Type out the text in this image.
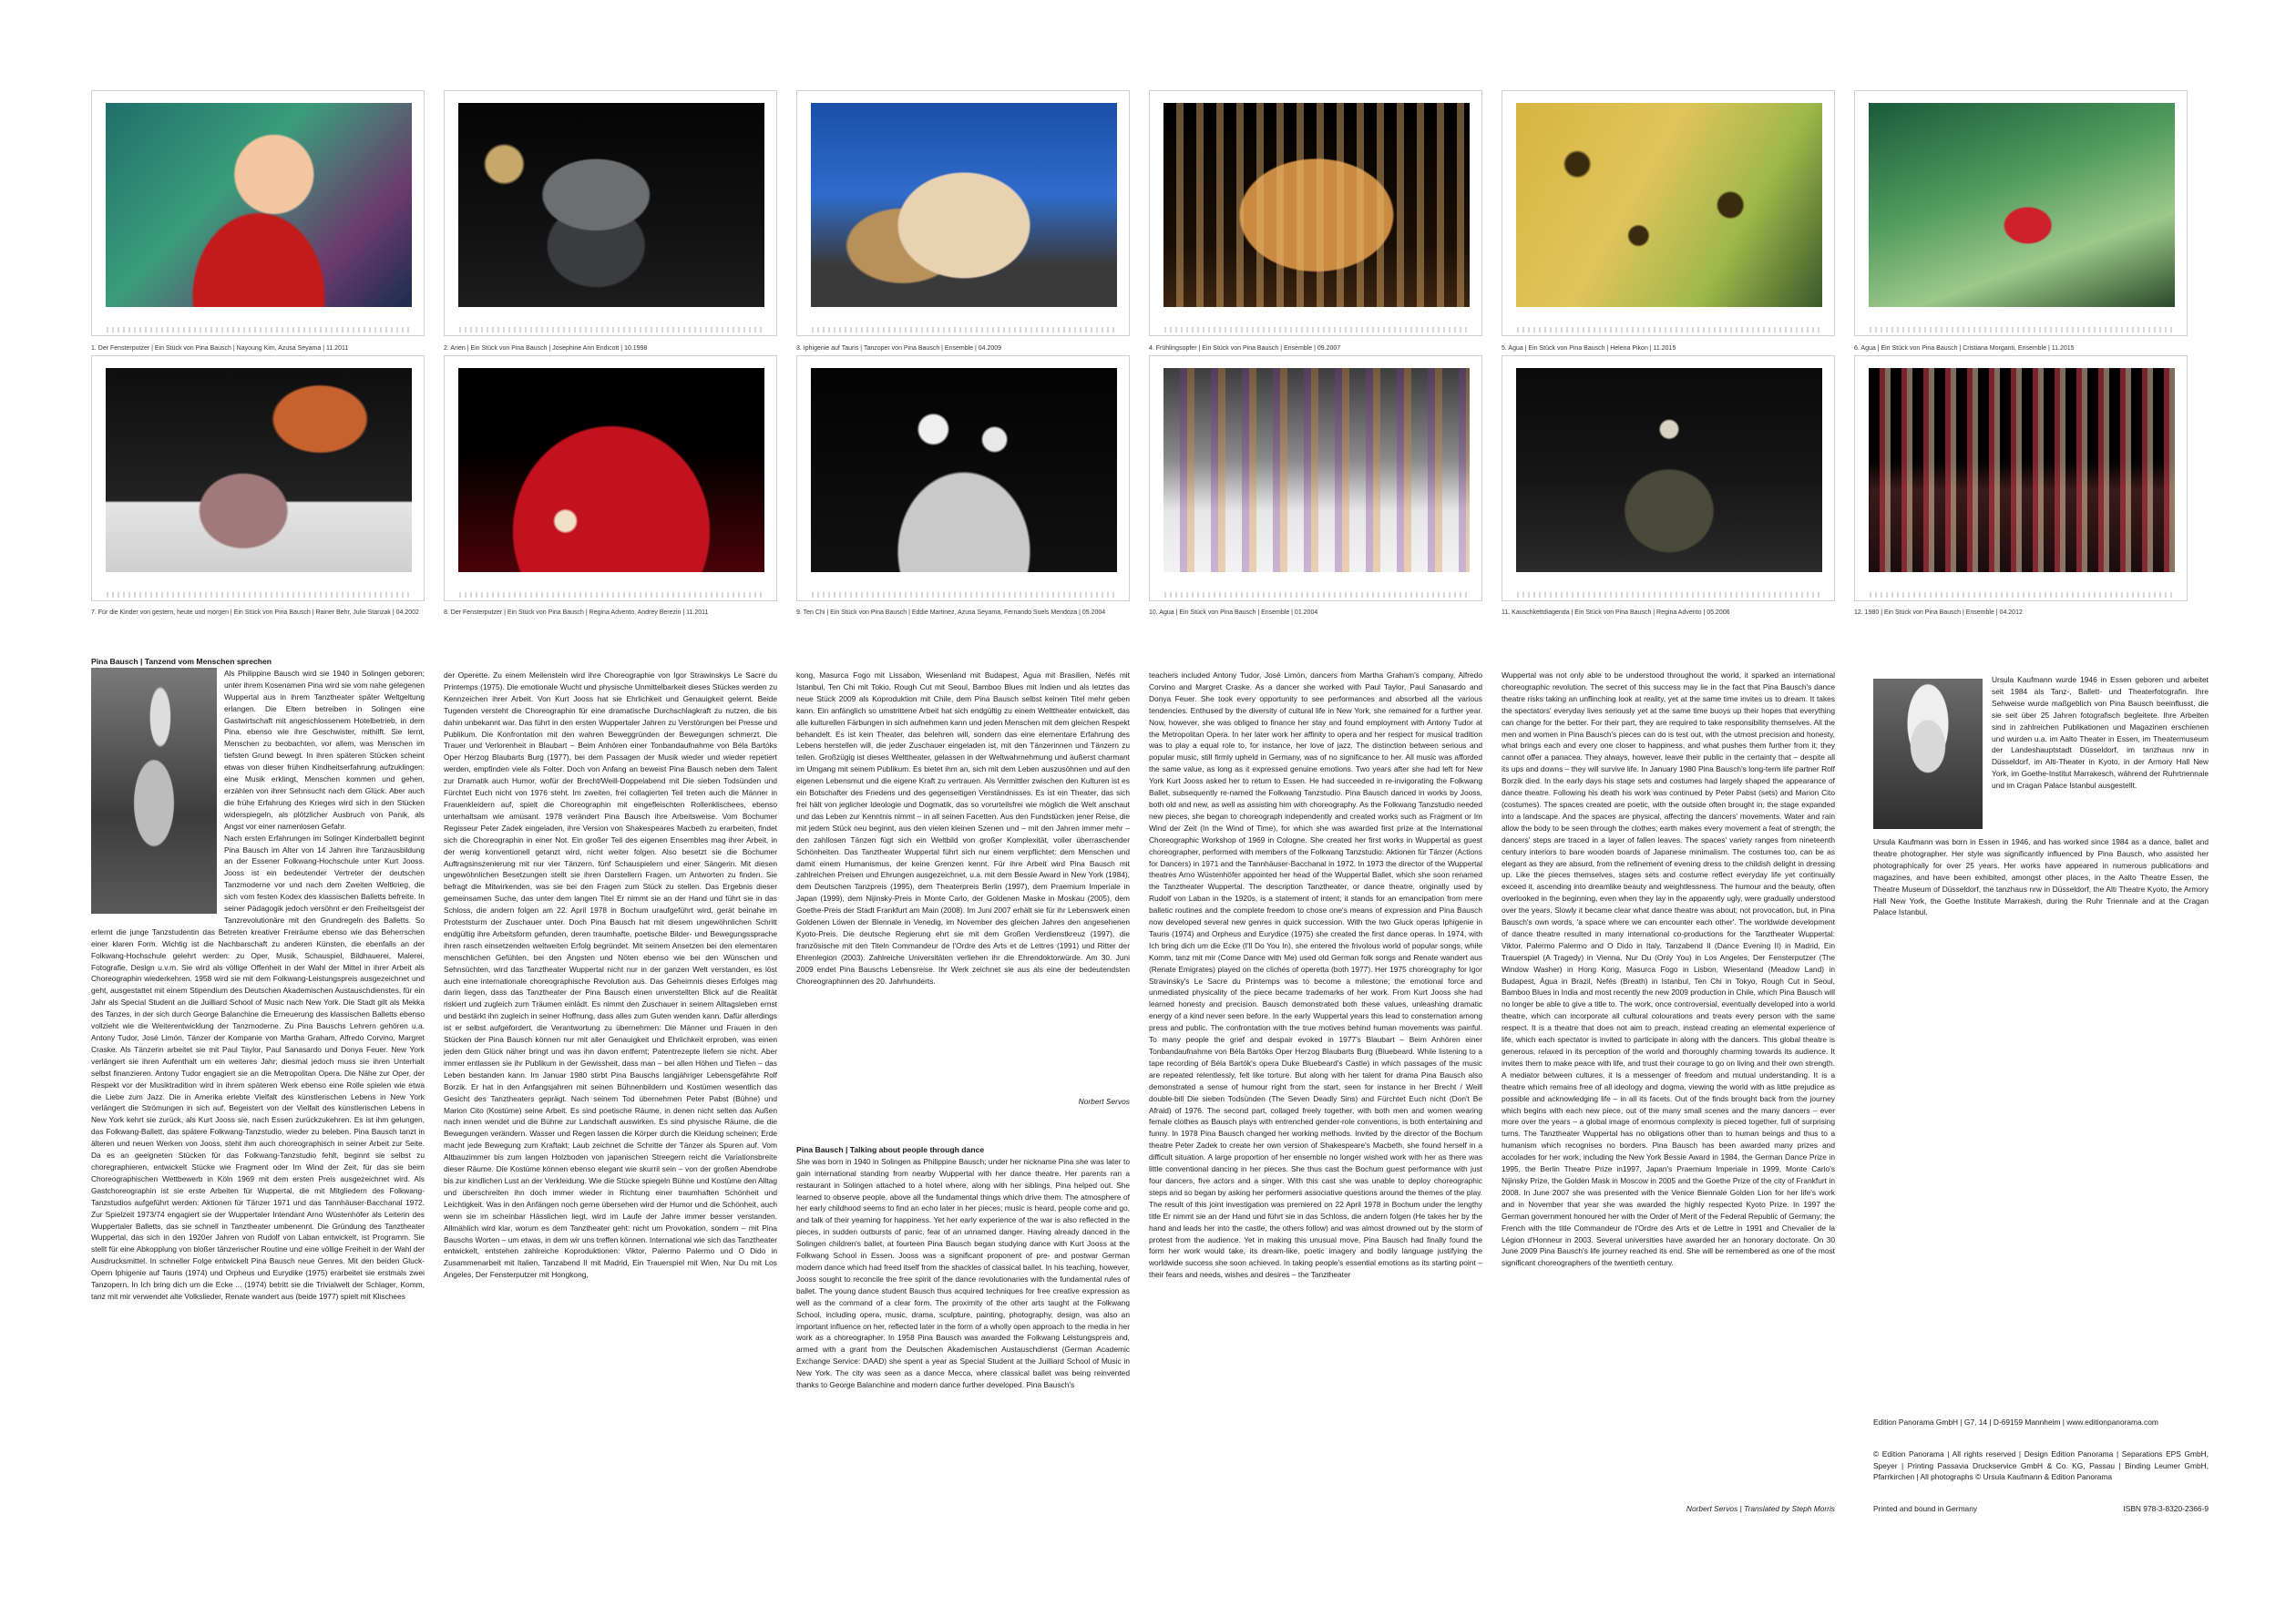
1. Der Fensterputzer | Ein Stück von Pina Bausch | Nayoung Kim, Azusa Seyama | 11.2011	2. Arien | Ein Stück von Pina Bausch | Josephine Ann Endicott | 10.1998	3. Iphigenie auf Tauris | Tanzoper von Pina Bausch | Ensemble | 04.2009	4. Frühlingsopfer | Ein Stück von Pina Bausch | Ensemble | 09.2007	5. Agua | Ein Stück von Pina Bausch | Helena Pikon | 11.2015	6. Agua | Ein Stück von Pina Bausch | Cristiana Morganti, Ensemble | 11.2015
7. Für die Kinder von gestern, heute und morgen | Ein Stück von Pina Bausch | Rainer Behr, Julie Stanzak | 04.2002	8. Der Fensterputzer | Ein Stück von Pina Bausch | Regina Advento, Andrey Berezin | 11.2011	9. Ten Chi | Ein Stück von Pina Bausch | Eddie Martinez, Azusa Seyama, Fernando Suels Mendoza | 05.2004	10. Agua | Ein Stück von Pina Bausch | Ensemble | 01.2004	11. Kauschkettdiagenda | Ein Stück von Pina Bausch | Regina Advento | 05.2006	12. 1980 | Ein Stück von Pina Bausch | Ensemble | 04.2012

Pina Bausch | Tanzend vom Menschen sprechen

Als Philippine Bausch wird sie 1940 in Solingen geboren; unter ihrem Kosenamen Pina wird sie vom nahe gelegenen Wuppertal aus in ihrem Tanztheater später Weltgeltung erlangen. Die Eltern betreiben in Solingen eine Gastwirtschaft mit angeschlossenem Hotelbetrieb, in dem Pina, ebenso wie ihre Geschwister, mithilft. Sie lernt, Menschen zu beobachten, vor allem, was Menschen im tiefsten Grund bewegt. In ihren späteren Stücken scheint etwas von dieser frühen Kindheitserfahrung aufzuklingen: eine Musik erklingt, Menschen kommen und gehen, erzählen von ihrer Sehnsucht nach dem Glück. Aber auch die frühe Erfahrung des Krieges wird sich in den Stücken widerspiegeln, als plötzlicher Ausbruch von Panik, als Angst vor einer namenlosen Gefahr.

Nach ersten Erfahrungen im Solinger Kinderballett beginnt Pina Bausch im Alter von 14 Jahren ihre Tanzausbildung an der Essener Folkwang-Hochschule unter Kurt Jooss. Jooss ist ein bedeutender Vertreter der deutschen Tanzmoderne vor und nach dem Zweiten Weltkrieg, die sich vom festen Kodex des klassischen Balletts befreite. In seiner Pädagogik jedoch versöhnt er den Freiheitsgeist der Tanzrevolutionäre mit den Grundregeln des Balletts. So erlernt die junge Tanzstudentin das Betreten kreativer Freiräume ebenso wie das Beherrschen einer klaren Form. Wichtig ist die Nachbarschaft zu anderen Künsten, die ebenfalls an der Folkwang-Hochschule gelehrt werden: zu Oper, Musik, Schauspiel, Bildhauerei, Malerei, Fotografie, Design u.v.m. Sie wird als völlige Offenheit in der Wahl der Mittel in ihrer Arbeit als Choreographin wiederkehren. 1958 wird sie mit dem Folkwang-Leistungspreis ausgezeichnet und geht, ausgestattet mit einem Stipendium des Deutschen Akademischen Austauschdienstes, für ein Jahr als Special Student an die Juilliard School of Music nach New York. Die Stadt gilt als Mekka des Tanzes, in der sich durch George Balanchine die Erneuerung des klassischen Balletts ebenso vollzieht wie die Weiterentwicklung der Tanzmoderne. Zu Pina Bauschs Lehrern gehören u.a. Antony Tudor, José Limón, Tänzer der Kompanie von Martha Graham, Alfredo Corvino, Margret Craske. Als Tänzerin arbeitet sie mit Paul Taylor, Paul Sanasardo und Donya Feuer. New York verlängert sie ihren Aufenthalt um ein weiteres Jahr; diesmal jedoch muss sie ihren Unterhalt selbst finanzieren. Antony Tudor engagiert sie an die Metropolitan Opera. Die Nähe zur Oper, der Respekt vor der Musiktradition wird in ihrem späteren Werk ebenso eine Rolle spielen wie etwa die Liebe zum Jazz. Die in Amerika erlebte Vielfalt des künstlerischen Lebens in New York verlängert die Strömungen in sich auf. Begeistert von der Vielfalt des künstlerischen Lebens in New York kehrt sie zurück, als Kurt Jooss sie, nach Essen zurückzukehren. Es ist ihm gelungen, das Folkwang-Ballett, das spätere Folkwang-Tanzstudio, wieder zu beleben. Pina Bausch tanzt in älteren und neuen Werken von Jooss, steht ihm auch choreographisch in seiner Arbeit zur Seite. Da es an geeigneten Stücken für das Folkwang-Tanzstudio fehlt, beginnt sie selbst zu choregraphieren, entwickelt Stücke wie Fragment oder Im Wind der Zeit, für das sie beim Choreographischen Wettbewerb in Köln 1969 mit dem ersten Preis ausgezeichnet wird. Als Gastchoreographin ist sie erste Arbeiten für Wuppertal, die mit Mitgliedern des Folkwang-Tanzstudios aufgeführt werden: Aktionen für Tänzer 1971 und das Tannhäuser-Bacchanal 1972. Zur Spielzeit 1973/74 engagiert sie der Wuppertaler Intendant Arno Wüstenhöfer als Leiterin des Wuppertaler Balletts, das sie schnell in Tanztheater umbenennt. Die Gründung des Tanztheater Wuppertal, das sich in den 1920er Jahren von Rudolf von Laban entwickelt, ist Programm. Sie stellt für eine Abkopplung von bloßer tänzerischer Routine und eine völlige Freiheit in der Wahl der Ausdrucksmittel. In schneller Folge entwickelt Pina Bausch neue Genres. Mit den beiden Gluck-Opern Iphigenie auf Tauris (1974) und Orpheus und Eurydike (1975) erarbeitet sie erstmals zwei Tanzopern. In Ich bring dich um die Ecke ... (1974) betritt sie die Trivialwelt der Schlager, Komm, tanz mit mir verwendet alte Volkslieder, Renate wandert aus (beide 1977) spielt mit Klischees

der Operette. Zu einem Meilenstein wird ihre Choreographie von Igor Strawinskys Le Sacre du Printemps (1975). Die emotionale Wucht und physische Unmittelbarkeit dieses Stückes werden zu Kennzeichen ihrer Arbeit. Von Kurt Jooss hat sie Ehrlichkeit und Genauigkeit gelernt. Beide Tugenden versteht die Choreographin für eine dramatische Durchschlagkraft zu nutzen, die bis dahin unbekannt war. Das führt in den ersten Wuppertaler Jahren zu Verstörungen bei Presse und Publikum. Die Konfrontation mit den wahren Beweggründen der Bewegungen schmerzt. Die Trauer und Verlorenheit in Blaubart – Beim Anhören einer Tonbandaufnahme von Béla Bartóks Oper Herzog Blaubarts Burg (1977), bei dem Passagen der Musik wieder und wieder repetiert werden, empfinden viele als Folter. Doch von Anfang an beweist Pina Bausch neben dem Talent zur Dramatik auch Humor, wofür der Brecht/Weill-Doppelabend mit Die sieben Todsünden und Fürchtet Euch nicht von 1976 steht. Im zweiten, frei collagierten Teil treten auch die Männer in Frauenkleidern auf, spielt die Choreographin mit eingefleischten Rollenklischees, ebenso unterhaltsam wie amüsant. 1978 verändert Pina Bausch ihre Arbeitsweise. Vom Bochumer Regisseur Peter Zadek eingeladen, ihre Version von Shakespeares Macbeth zu erarbeiten, findet sich die Choreographin in einer Not. Ein großer Teil des eigenen Ensembles mag ihrer Arbeit, in der wenig konventionell getanzt wird, nicht weiter folgen. Also besetzt sie die Bochumer Auftragsinszenierung mit nur vier Tänzern, fünf Schauspielern und einer Sängerin. Mit diesen ungewöhnlichen Besetzungen stellt sie ihren Darstellern Fragen, um Antworten zu finden. Sie befragt die Mitwirkenden, was sie bei den Fragen zum Stück zu stellen. Das Ergebnis dieser gemeinsamen Suche, das unter dem langen Titel Er nimmt sie an der Hand und führt sie in das Schloss, die andern folgen am 22. April 1978 in Bochum uraufgeführt wird, gerät beinahe im Proteststurm der Zuschauer unter. Doch Pina Bausch hat mit diesem ungewöhnlichen Schritt endgültig ihre Arbeitsform gefunden, deren traumhafte, poetische Bilder- und Bewegungssprache ihren rasch einsetzenden weltweiten Erfolg begründet. Mit seinem Ansetzen bei den elementaren menschlichen Gefühlen, bei den Ängsten und Nöten ebenso wie bei den Wünschen und Sehnsüchten, wird das Tanztheater Wuppertal nicht nur in der ganzen Welt verstanden, es löst auch eine internationale choreographische Revolution aus. Das Geheimnis dieses Erfolges mag darin liegen, dass das Tanztheater der Pina Bausch einen unverstellten Blick auf die Realität riskiert und zugleich zum Träumen einlädt. Es nimmt den Zuschauer in seinem Alltagsleben ernst und bestärkt ihn zugleich in seiner Hoffnung, dass alles zum Guten wenden kann. Dafür allerdings ist er selbst aufgefordert, die Verantwortung zu übernehmen: Die Männer und Frauen in den Stücken der Pina Bausch können nur mit aller Genauigkeit und Ehrlichkeit erproben, was einen jeden dem Glück näher bringt und was ihn davon entfernt; Patentrezepte liefern sie nicht. Aber immer entlassen sie ihr Publikum in der Gewissheit, dass man – bei allen Höhen und Tiefen – das Leben bestanden kann. Im Januar 1980 stirbt Pina Bauschs langjähriger Lebensgefährte Rolf Borzik. Er hat in den Anfangsjahren mit seinen Bühnenbildern und Kostümen wesentlich das Gesicht des Tanztheaters geprägt. Nach seinem Tod übernehmen Peter Pabst (Bühne) und Marion Cito (Kostüme) seine Arbeit. Es sind poetische Räume, in denen nicht selten das Außen nach innen wendet und die Bühne zur Landschaft auswirken. Es sind physische Räume, die die Bewegungen verändern. Wasser und Regen lassen die Körper durch die Kleidung scheinen; Erde macht jede Bewegung zum Kraftakt; Laub zeichnet die Schritte der Tänzer als Spuren auf. Vom Altbauzimmer bis zum langen Holzboden von japanischen Streegern reicht die Variationsbreite dieser Räume. Die Kostüme können ebenso elegant wie skurril sein – von der großen Abendrobe bis zur kindlichen Lust an der Verkleidung. Wie die Stücke spiegeln Bühne und Kostüme den Alltag und überschreiten ihn doch immer wieder in Richtung einer traumhaften Schönheit und Leichtigkeit. Was in den Anfängen noch gerne übersehen wird der Humor und die Schönheit, auch wenn sie im scheinbar Hässlichen liegt, wird im Laufe der Jahre immer besser verstanden. Allmählich wird klar, worum es dem Tanztheater geht: nicht um Provokation, sondern – mit Pina Bauschs Worten – um etwas, in dem wir uns treffen können. International wie sich das Tanztheater entwickelt, entstehen zahlreiche Koproduktionen: Viktor, Palermo Palermo und O Dido in Zusammenarbeit mit Italien, Tanzabend II mit Madrid, Ein Trauerspiel mit Wien, Nur Du mit Los Angeles, Der Fensterputzer mit Hongkong,

kong, Masurca Fogo mit Lissabon, Wiesenland mit Budapest, Agua mit Brasilien, Nefés mit Istanbul, Ten Chi mit Tokio, Rough Cut mit Seoul, Bamboo Blues mit Indien und als letztes das neue Stück 2009 als Koproduktion mit Chile, dem Pina Bausch selbst keinen Titel mehr geben kann. Ein anfänglich so umstrittene Arbeit hat sich endgültig zu einem Welttheater entwickelt, das alle kulturellen Färbungen in sich aufnehmen kann und jeden Menschen mit dem gleichen Respekt behandelt. Es ist kein Theater, das belehren will, sondern das eine elementare Erfahrung des Lebens herstellen will, die jeder Zuschauer eingeladen ist, mit den Tänzerinnen und Tänzern zu teilen. Großzügig ist dieses Welttheater, gelassen in der Weltwahrnehmung und äußerst charmant im Umgang mit seinem Publikum. Es bietet ihm an, sich mit dem Leben auszusöhnen und auf den eigenen Lebensmut und die eigene Kraft zu vertrauen. Als Vermittler zwischen den Kulturen ist es ein Botschafter des Friedens und des gegenseitigen Verständnisses. Es ist ein Theater, das sich frei hält von jeglicher Ideologie und Dogmatik, das so vorurteilsfrei wie möglich die Welt anschaut und das Leben zur Kenntnis nimmt – in all seinen Facetten. Aus den Fundstücken jener Reise, die mit jedem Stück neu beginnt, aus den vielen kleinen Szenen und – mit den Jahren immer mehr – den zahllosen Tänzen fügt sich ein Weltbild von großer Komplexität, voller überraschender Schönheiten. Das Tanztheater Wuppertal führt sich nur einem verpflichtet: dem Menschen und damit einem Humanismus, der keine Grenzen kennt. Für ihre Arbeit wird Pina Bausch mit zahlreichen Preisen und Ehrungen ausgezeichnet, u.a. mit dem Bessie Award in New York (1984), dem Deutschen Tanzpreis (1995), dem Theaterpreis Berlin (1997), dem Praemium Imperiale in Japan (1999), dem Nijinsky-Preis in Monte Carlo, der Goldenen Maske in Moskau (2005), dem Goethe-Preis der Stadt Frankfurt am Main (2008). Im Juni 2007 erhält sie für ihr Lebenswerk einen Goldenen Löwen der Biennale in Venedig, im November des gleichen Jahres den angesehenen Kyoto-Preis. Die deutsche Regierung ehrt sie mit dem Großen Verdienstkreuz (1997), die französische mit den Titeln Commandeur de l'Ordre des Arts et de Lettres (1991) und Ritter der Ehrenlegion (2003). Zahlreiche Universitäten verliehen ihr die Ehrendoktorwürde. Am 30. Juni 2009 endet Pina Bauschs Lebensreise. Ihr Werk zeichnet sie aus als eine der bedeutendsten Choreographinnen des 20. Jahrhunderts.

Norbert Servos

Pina Bausch | Talking about people through dance

She was born in 1940 in Solingen as Philippine Bausch; under her nickname Pina she was later to gain international standing from nearby Wuppertal with her dance theatre. Her parents ran a restaurant in Solingen attached to a hotel where, along with her siblings, Pina helped out. She learned to observe people, above all the fundamental things which drive them. The atmosphere of her early childhood seems to find an echo later in her pieces; music is heard, people come and go, and talk of their yearning for happiness. Yet her early experience of the war is also reflected in the pieces, in sudden outbursts of panic, fear of an unnamed danger. Having already danced in the Solingen children's ballet, at fourteen Pina Bausch began studying dance with Kurt Jooss at the Folkwang School in Essen. Jooss was a significant proponent of pre- and postwar German modern dance which had freed itself from the shackles of classical ballet. In his teaching, however, Jooss sought to reconcile the free spirit of the dance revolutionaries with the fundamental rules of ballet. The young dance student Bausch thus acquired techniques for free creative expression as well as the command of a clear form. The proximity of the other arts taught at the Folkwang School, including opera, music, drama, sculpture, painting, photography, design, was also an important influence on her, reflected later in the form of a wholly open approach to the media in her work as a choreographer. In 1958 Pina Bausch was awarded the Folkwang Leistungspreis and, armed with a grant from the Deutschen Akademischen Austauschdienst (German Academic Exchange Service: DAAD) she spent a year as Special Student at the Juilliard School of Music in New York. The city was seen as a dance Mecca, where classical ballet was being reinvented thanks to George Balanchine and modern dance further developed. Pina Bausch's

teachers included Antony Tudor, José Limón, dancers from Martha Graham's company, Alfredo Corvino and Margret Craske. As a dancer she worked with Paul Taylor, Paul Sanasardo and Donya Feuer. She took every opportunity to see performances and absorbed all the various tendencies. Enthused by the diversity of cultural life in New York, she remained for a further year. Now, however, she was obliged to finance her stay and found employment with Antony Tudor at the Metropolitan Opera. In her later work her affinity to opera and her respect for musical tradition was to play a equal role to, for instance, her love of jazz. The distinction between serious and popular music, still firmly upheld in Germany, was of no significance to her. All music was afforded the same value, as long as it expressed genuine emotions. Two years after she had left for New York Kurt Jooss asked her to return to Essen. He had succeeded in re-invigorating the Folkwang Ballet, subsequently re-named the Folkwang Tanzstudio. Pina Bausch danced in works by Jooss, both old and new, as well as assisting him with choreography. As the Folkwang Tanzstudio needed new pieces, she began to choreograph independently and created works such as Fragment or Im Wind der Zeit (In the Wind of Time), for which she was awarded first prize at the International Choreographic Workshop of 1969 in Cologne. She created her first works in Wuppertal as guest choreographer, performed with members of the Folkwang Tanzstudio: Aktionen für Tänzer (Actions for Dancers) in 1971 and the Tannhäuser-Bacchanal in 1972. In 1973 the director of the Wuppertal theatres Arno Wüstenhöfer appointed her head of the Wuppertal Ballet, which she soon renamed the Tanztheater Wuppertal. The description Tanztheater, or dance theatre, originally used by Rudolf von Laban in the 1920s, is a statement of intent; it stands for an emancipation from mere balletic routines and the complete freedom to chose one's means of expression and Pina Bausch now developed several new genres in quick succession. With the two Gluck operas Iphigenie in Tauris (1974) and Orpheus and Eurydice (1975) she created the first dance operas. In 1974, with Ich bring dich um die Ecke (I'll Do You In), she entered the frivolous world of popular songs, while Komm, tanz mit mir (Come Dance with Me) used old German folk songs and Renate wandert aus (Renate Emigrates) played on the clichés of operetta (both 1977). Her 1975 choreography for Igor Stravinsky's Le Sacre du Printemps was to become a milestone; the emotional force and unmediated physicality of the piece became trademarks of her work. From Kurt Jooss she had learned honesty and precision. Bausch demonstrated both these values, unleashing dramatic energy of a kind never seen before. In the early Wuppertal years this lead to consternation among press and public. The confrontation with the true motives behind human movements was painful. To many people the grief and despair evoked in 1977's Blaubart – Beim Anhören einer Tonbandaufnahme von Béla Bartóks Oper Herzog Blaubarts Burg (Bluebeard. While listening to a tape recording of Béla Bartók's opera Duke Bluebeard's Castle) in which passages of the music are repeated relentlessly, felt like torture. But along with her talent for drama Pina Bausch also demonstrated a sense of humour right from the start, seen for instance in her Brecht / Weill double-bill Die sieben Todsünden (The Seven Deadly Sins) and Fürchtet Euch nicht (Don't Be Afraid) of 1976. The second part, collaged freely together, with both men and women wearing female clothes as Bausch plays with entrenched gender-role conventions, is both entertaining and funny. In 1978 Pina Bausch changed her working methods. Invited by the director of the Bochum theatre Peter Zadek to create her own version of Shakespeare's Macbeth, she found herself in a difficult situation. A large proportion of her ensemble no longer wished work with her as there was little conventional dancing in her pieces. She thus cast the Bochum guest performance with just four dancers, five actors and a singer. With this cast she was unable to deploy choreographic steps and so began by asking her performers associative questions around the themes of the play. The result of this joint investigation was premiered on 22 April 1978 in Bochum under the lengthy title Er nimmt sie an der Hand und führt sie in das Schloss, die andern folgen (He takes her by the hand and leads her into the castle, the others follow) and was almost drowned out by the storm of protest from the audience. Yet in making this unusual move, Pina Bausch had finally found the form her work would take, its dream-like, poetic imagery and bodily language justifying the worldwide success she soon achieved. In taking people's essential emotions as its starting point – their fears and needs, wishes and desires – the Tanztheater

Wuppertal was not only able to be understood throughout the world, it sparked an international choreographic revolution. The secret of this success may lie in the fact that Pina Bausch's dance theatre risks taking an unflinching look at reality, yet at the same time invites us to dream. It takes the spectators' everyday lives seriously yet at the same time buoys up their hopes that everything can change for the better. For their part, they are required to take responsibility themselves. All the men and women in Pina Bausch's pieces can do is test out, with the utmost precision and honesty, what brings each and every one closer to happiness, and what pushes them further from it; they cannot offer a panacea. They always, however, leave their public in the certainty that – despite all its ups and downs – they will survive life. In January 1980 Pina Bausch's long-term life partner Rolf Borzik died. In the early days his stage sets and costumes had largely shaped the appearance of dance theatre. Following his death his work was continued by Peter Pabst (sets) and Marion Cito (costumes). The spaces created are poetic, with the outside often brought in, the stage expanded into a landscape. And the spaces are physical, affecting the dancers' movements. Water and rain allow the body to be seen through the clothes; earth makes every movement a feat of strength; the dancers' steps are traced in a layer of fallen leaves. The spaces' variety ranges from nineteenth century interiors to bare wooden boards of Japanese minimalism. The costumes too, can be as elegant as they are absurd, from the refinement of evening dress to the childish delight in dressing up. Like the pieces themselves, stages sets and costume reflect everyday life yet continually exceed it, ascending into dreamlike beauty and weightlessness. The humour and the beauty, often overlooked in the beginning, even when they lay in the apparently ugly, were gradually understood over the years. Slowly it became clear what dance theatre was about; not provocation, but, in Pina Bausch's own words, 'a space where we can encounter each other'. The worldwide development of dance theatre resulted in many international co-productions for the Tanztheater Wuppertal: Viktor, Palermo Palermo and O Dido in Italy, Tanzabend II (Dance Evening II) in Madrid, Ein Trauerspiel (A Tragedy) in Vienna, Nur Du (Only You) in Los Angeles, Der Fensterputzer (The Window Washer) in Hong Kong, Masurca Fogo in Lisbon, Wiesenland (Meadow Land) in Budapest, Água in Brazil, Nefés (Breath) in Istanbul, Ten Chi in Tokyo, Rough Cut in Seoul, Bamboo Blues in India and most recently the new 2009 production in Chile, which Pina Bausch will no longer be able to give a title to. The work, once controversial, eventually developed into a world theatre, which can incorporate all cultural colourations and treats every person with the same respect. It is a theatre that does not aim to preach, instead creating an elemental experience of life, which each spectator is invited to participate in along with the dancers. This global theatre is generous, relaxed in its perception of the world and thoroughly charming towards its audience. It invites them to make peace with life, and trust their courage to go on living and their own strength. A mediator between cultures, it is a messenger of freedom and mutual understanding. It is a theatre which remains free of all ideology and dogma, viewing the world with as little prejudice as possible and acknowledging life – in all its facets. Out of the finds brought back from the journey which begins with each new piece, out of the many small scenes and the many dancers – ever more over the years – a global image of enormous complexity is pieced together, full of surprising turns. The Tanztheater Wuppertal has no obligations other than to human beings and thus to a humanism which recognises no borders. Pina Bausch has been awarded many prizes and accolades for her work, including the New York Bessie Award in 1984, the German Dance Prize in 1995, the Berlin Theatre Prize in1997, Japan's Praemium Imperiale in 1999, Monte Carlo's Nijinsky Prize, the Golden Mask in Moscow in 2005 and the Goethe Prize of the city of Frankfurt in 2008. In June 2007 she was presented with the Venice Biennale Golden Lion for her life's work and in November that year she was awarded the highly respected Kyoto Prize. In 1997 the German government honoured her with the Order of Merit of the Federal Republic of Germany; the French with the title Commandeur de l'Ordre des Arts et de Lettre in 1991 and Chevalier de la Légion d'Honneur in 2003. Several universities have awarded her an honorary doctorate. On 30 June 2009 Pina Bausch's life journey reached its end. She will be remembered as one of the most significant choreographers of the twentieth century.

Norbert Servos | Translated by Steph Morris

Ursula Kaufmann wurde 1946 in Essen geboren und arbeitet seit 1984 als Tanz-, Ballett- und Theaterfotografin. Ihre Sehweise wurde maßgeblich von Pina Bausch beeinflusst, die sie seit über 25 Jahren fotografisch begleitete. Ihre Arbeiten sind in zahlreichen Publikationen und Magazinen erschienen und wurden u.a. im Aalto Theater in Essen, im Theatermuseum der Landeshauptstadt Düsseldorf, im tanzhaus nrw in Düsseldorf, im Alti-Theater in Kyoto, in der Armory Hall New York, im Goethe-Institut Marrakesch, während der Ruhrtriennale und im Cragan Palace Istanbul ausgestellt.

Ursula Kaufmann was born in Essen in 1946, and has worked since 1984 as a dance, ballet and theatre photographer. Her style was significantly influenced by Pina Bausch, who assisted her photographically for over 25 years. Her works have appeared in numerous publications and magazines, and have been exhibited, amongst other places, in the Aalto Theatre Essen, the Theatre Museum of Düsseldorf, the tanzhaus nrw in Düsseldorf, the Alti Theatre Kyoto, the Armory Hall New York, the Goethe Institute Marrakesh, during the Ruhr Triennale and at the Cragan Palace Istanbul.

Edition Panorama GmbH | G7, 14 | D-69159 Mannheim | www.editionpanorama.com
© Edition Panorama | All rights reserved | Design Edition Panorama | Separations EPS GmbH, Speyer | Printing Passavia Druckservice GmbH & Co. KG, Passau | Binding Leumer GmbH, Pfarrkirchen | All photographs © Ursula Kaufmann & Edition Panorama
Printed and bound in Germany	ISBN 978-3-8320-2366-9
